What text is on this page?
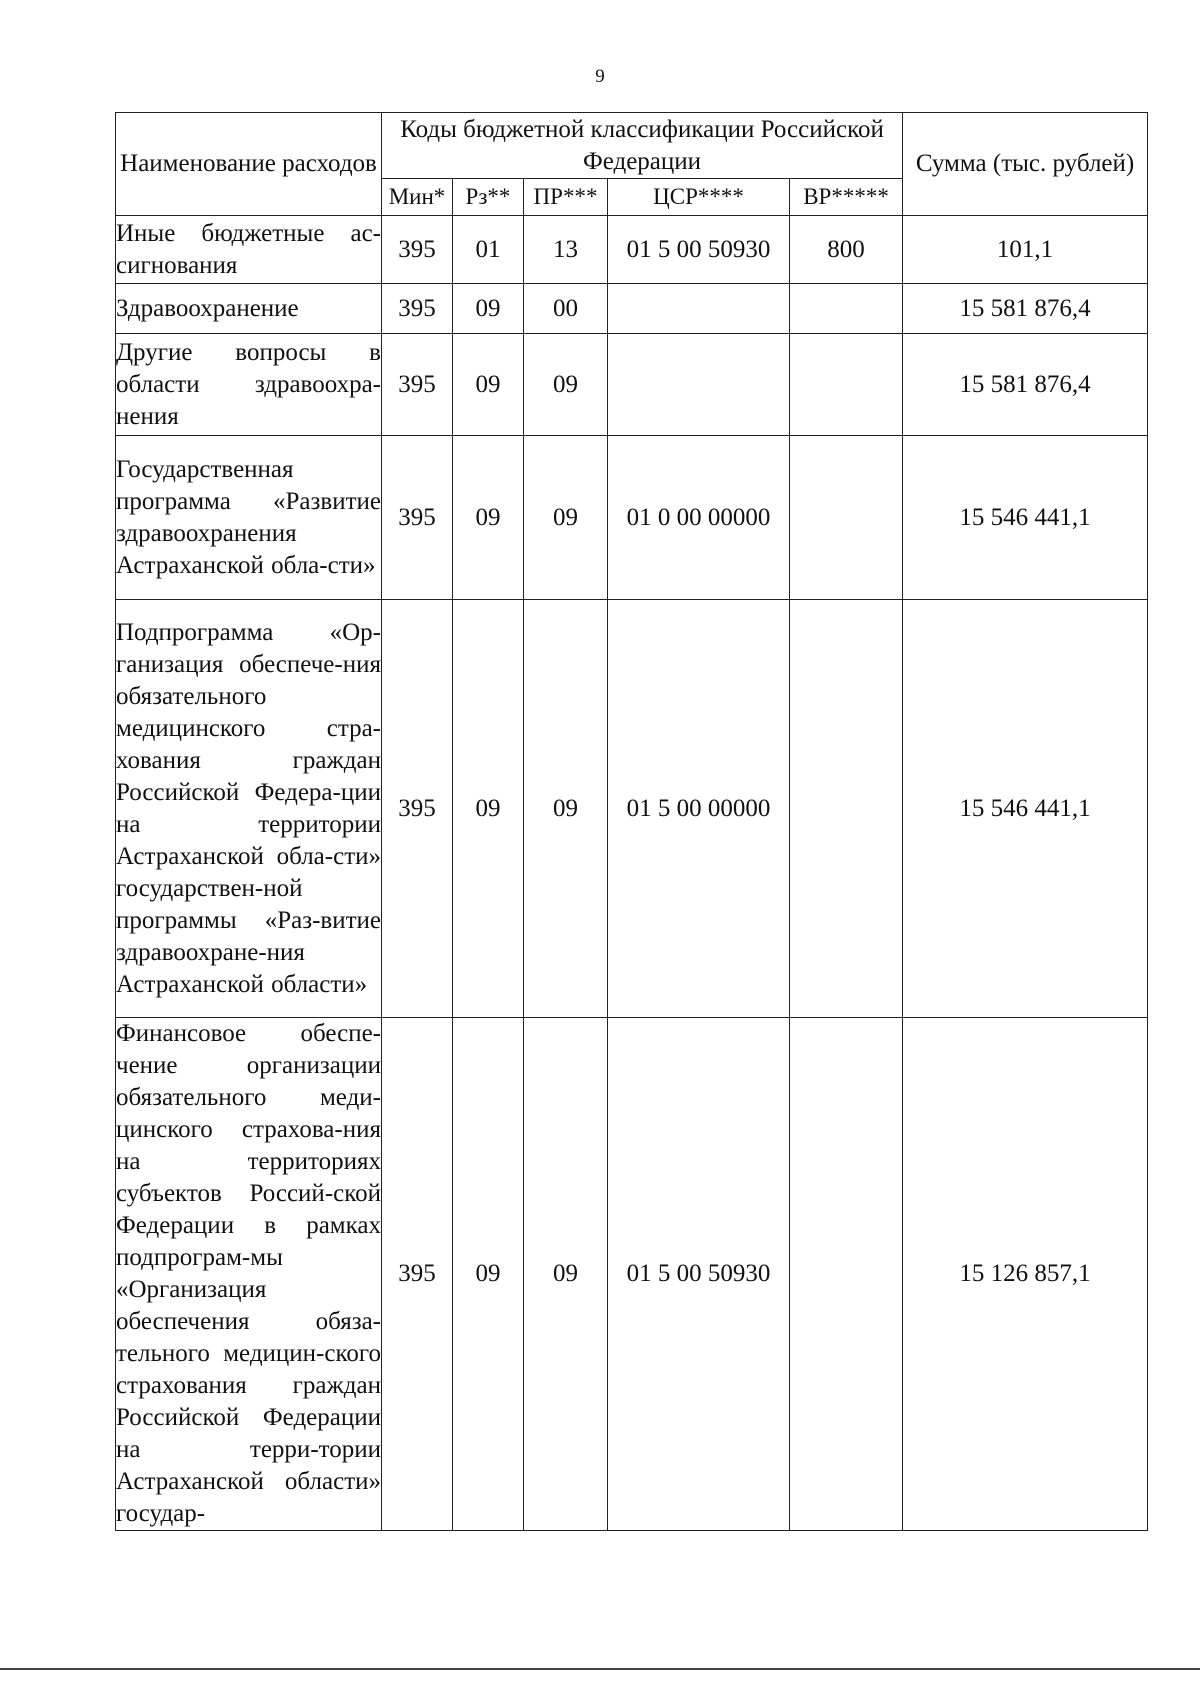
9
Наименование расходов	Коды бюджетной классификации Российской Федерации					Сумма (тыс. рублей)
	Мин*	Рз**	ПР***	ЦСР****	ВР*****	
Иные бюджетные ас-сигнования	395	01	13	01 5 00 50930	800	101,1
Здравоохранение	395	09	00			15 581 876,4
Другие вопросы в области здравоохра-нения	395	09	09			15 581 876,4
Государственная программа «Развитие здравоохранения Астраханской обла-сти»	395	09	09	01 0 00 00000		15 546 441,1
Подпрограмма «Ор-ганизация обеспече-ния обязательного медицинского стра-хования граждан Российской Федера-ции на территории Астраханской обла-сти» государствен-ной программы «Раз-витие здравоохране-ния Астраханской области»	395	09	09	01 5 00 00000		15 546 441,1
Финансовое обеспе-чение организации обязательного меди-цинского страхова-ния на территориях субъектов Россий-ской Федерации в рамках подпрограм-мы «Организация обеспечения обяза-тельного медицин-ского страхования граждан Российской Федерации на терри-тории Астраханской области» государ-	395	09	09	01 5 00 50930		15 126 857,1
